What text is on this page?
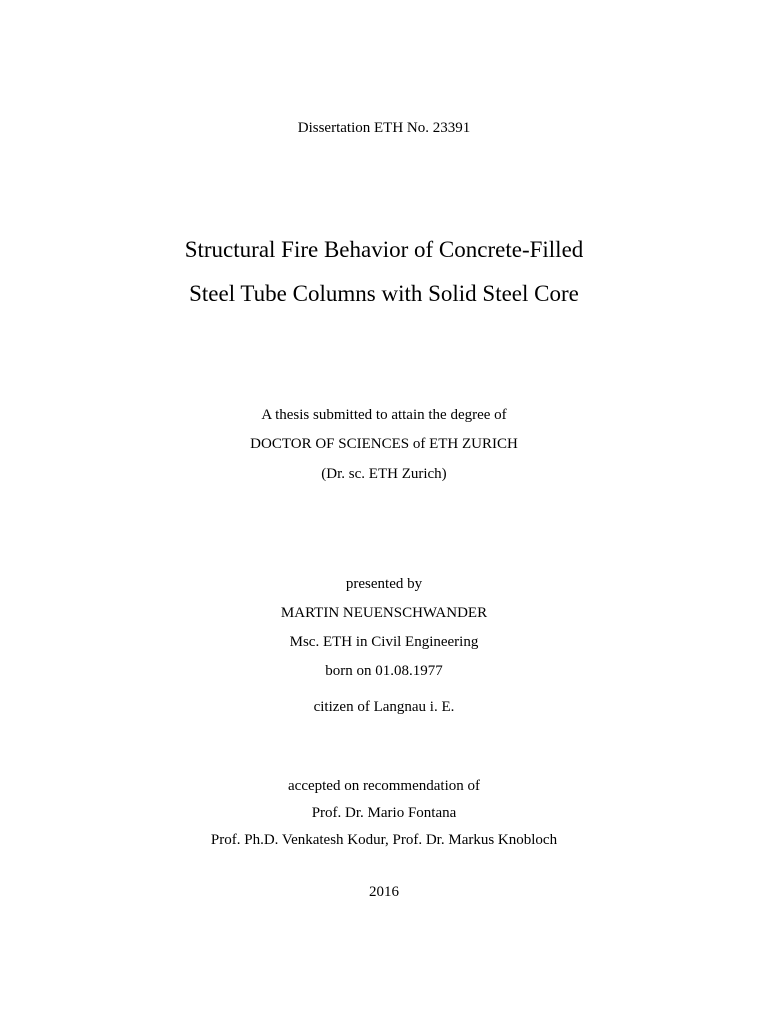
Dissertation ETH No. 23391
Structural Fire Behavior of Concrete-Filled
Steel Tube Columns with Solid Steel Core
A thesis submitted to attain the degree of
DOCTOR OF SCIENCES of ETH ZURICH
(Dr. sc. ETH Zurich)
presented by
MARTIN NEUENSCHWANDER
Msc. ETH in Civil Engineering
born on 01.08.1977
citizen of Langnau i. E.
accepted on recommendation of
Prof. Dr. Mario Fontana
Prof. Ph.D. Venkatesh Kodur, Prof. Dr. Markus Knobloch
2016
